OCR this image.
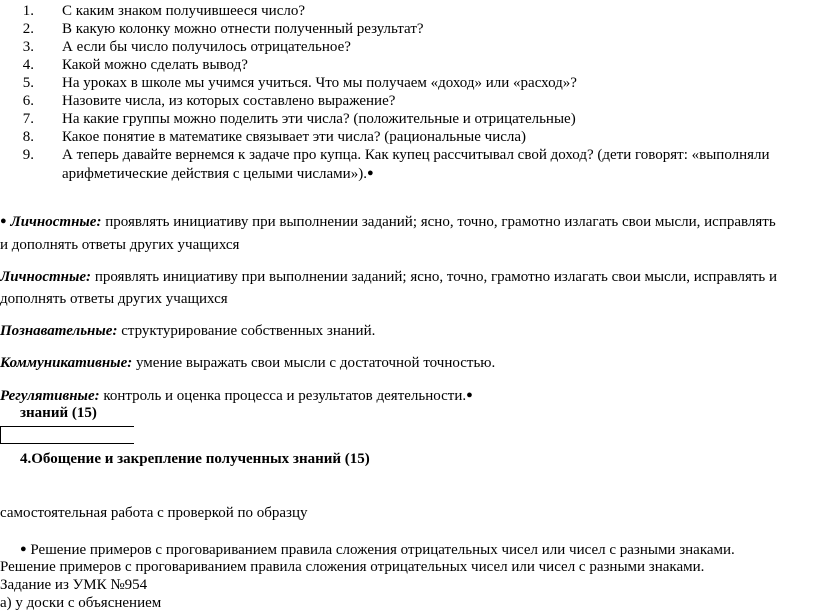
1. С каким знаком получившееся число?
2. В какую колонку можно отнести полученный результат?
3. А если бы число получилось отрицательное?
4. Какой можно сделать вывод?
5. На уроках в школе мы учимся учиться. Что мы получаем «доход» или «расход»?
6. Назовите числа, из которых составлено выражение?
7. На какие группы можно поделить эти числа? (положительные и отрицательные)
8. Какое понятие в математике связывает эти числа? (рациональные числа)
9. А теперь давайте вернемся к задаче про купца. Как купец рассчитывал свой доход? (дети говорят: «выполняли
арифметические действия с целыми числами»).●
● Личностные: проявлять инициативу при выполнении заданий; ясно, точно, грамотно излагать свои мысли, исправлять
и дополнять ответы других учащихся
Личностные: проявлять инициативу при выполнении заданий; ясно, точно, грамотно излагать свои мысли, исправлять и
дополнять ответы других учащихся
Познавательные: структурирование собственных знаний.
Коммуникативные: умение выражать свои мысли с достаточной точностью.
Регулятивные: контроль и оценка процесса и результатов деятельности.●
знаний (15)
4.Обощение и закрепление полученных знаний (15)
самостоятельная работа с проверкой по образцу
● Решение примеров с проговариванием правила сложения отрицательных чисел или чисел с разными знаками.
Решение примеров с проговариванием правила сложения отрицательных чисел или чисел с разными знаками.
Задание из УМК №954
а) у доски с объяснением
